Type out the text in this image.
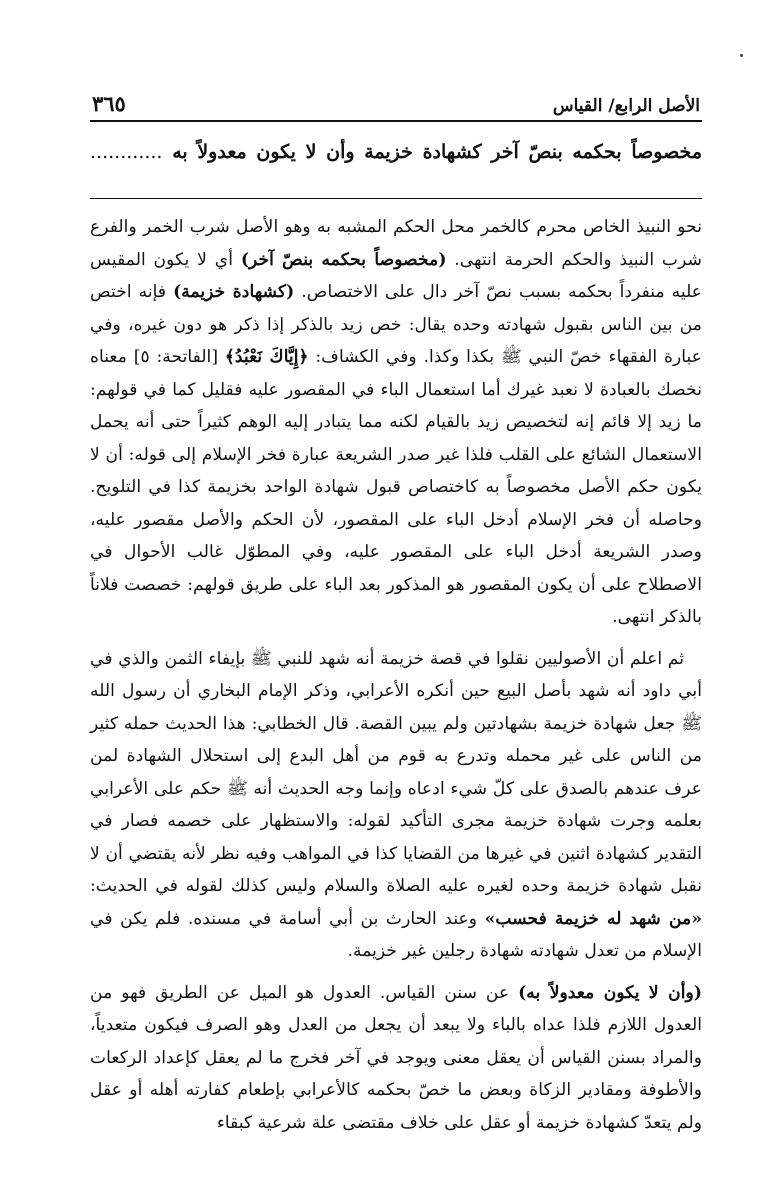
الأصل الرابع/ القياس
٣٦٥
مخصوصاً بحكمه بنصّ آخر كشهادة خزيمة وأن لا يكون معدولاً به ............

نحو النبيذ الخاص محرم كالخمر محل الحكم المشبه به وهو الأصل شرب الخمر والفرع شرب النبيذ والحكم الحرمة انتهى. (مخصوصاً بحكمه بنصّ آخر) أي لا يكون المقيس عليه منفرداً بحكمه بسبب نصّ آخر دال على الاختصاص. (كشهادة خزيمة) فإنه اختص من بين الناس بقبول شهادته وحده يقال: خص زيد بالذكر إذا ذكر هو دون غيره، وفي عبارة الفقهاء خصّ النبي ﷺ بكذا وكذا. وفي الكشاف: ﴿إِيَّاكَ نَعْبُدُ﴾ [الفاتحة: ٥] معناه نخصك بالعبادة لا نعبد غيرك أما استعمال الباء في المقصور عليه فقليل كما في قولهم: ما زيد إلا قائم إنه لتخصيص زيد بالقيام لكنه مما يتبادر إليه الوهم كثيراً حتى أنه يحمل الاستعمال الشائع على القلب فلذا غير صدر الشريعة عبارة فخر الإسلام إلى قوله: أن لا يكون حكم الأصل مخصوصاً به كاختصاص قبول شهادة الواحد بخزيمة كذا في التلويح. وحاصله أن فخر الإسلام أدخل الباء على المقصور، لأن الحكم والأصل مقصور عليه، وصدر الشريعة أدخل الباء على المقصور عليه، وفي المطوّل غالب الأحوال في الاصطلاح على أن يكون المقصور هو المذكور بعد الباء على طريق قولهم: خصصت فلاناً بالذكر انتهى.

ثم اعلم أن الأصوليين نقلوا في قصة خزيمة أنه شهد للنبي ﷺ بإيفاء الثمن والذي في أبي داود أنه شهد بأصل البيع حين أنكره الأعرابي، وذكر الإمام البخاري أن رسول الله ﷺ جعل شهادة خزيمة بشهادتين ولم يبين القصة. قال الخطابي: هذا الحديث حمله كثير من الناس على غير محمله وتدرع به قوم من أهل البدع إلى استحلال الشهادة لمن عرف عندهم بالصدق على كلّ شيء ادعاه وإنما وجه الحديث أنه ﷺ حكم على الأعرابي بعلمه وجرت شهادة خزيمة مجرى التأكيد لقوله: والاستظهار على خصمه فصار في التقدير كشهادة اثنين في غيرها من القضايا كذا في المواهب وفيه نظر لأنه يقتضي أن لا نقبل شهادة خزيمة وحده لغيره عليه الصلاة والسلام وليس كذلك لقوله في الحديث: «من شهد له خزيمة فحسب» وعند الحارث بن أبي أسامة في مسنده. فلم يكن في الإسلام من تعدل شهادته شهادة رجلين غير خزيمة.

(وأن لا يكون معدولاً به) عن سنن القياس. العدول هو الميل عن الطريق فهو من العدول اللازم فلذا عداه بالباء ولا يبعد أن يجعل من العدل وهو الصرف فيكون متعدياً، والمراد بسنن القياس أن يعقل معنى ويوجد في آخر فخرج ما لم يعقل كإعداد الركعات والأطوفة ومقادير الزكاة وبعض ما خصّ بحكمه كالأعرابي بإطعام كفارته أهله أو عقل ولم يتعدّ كشهادة خزيمة أو عقل على خلاف مقتضى علة شرعية كبقاء
